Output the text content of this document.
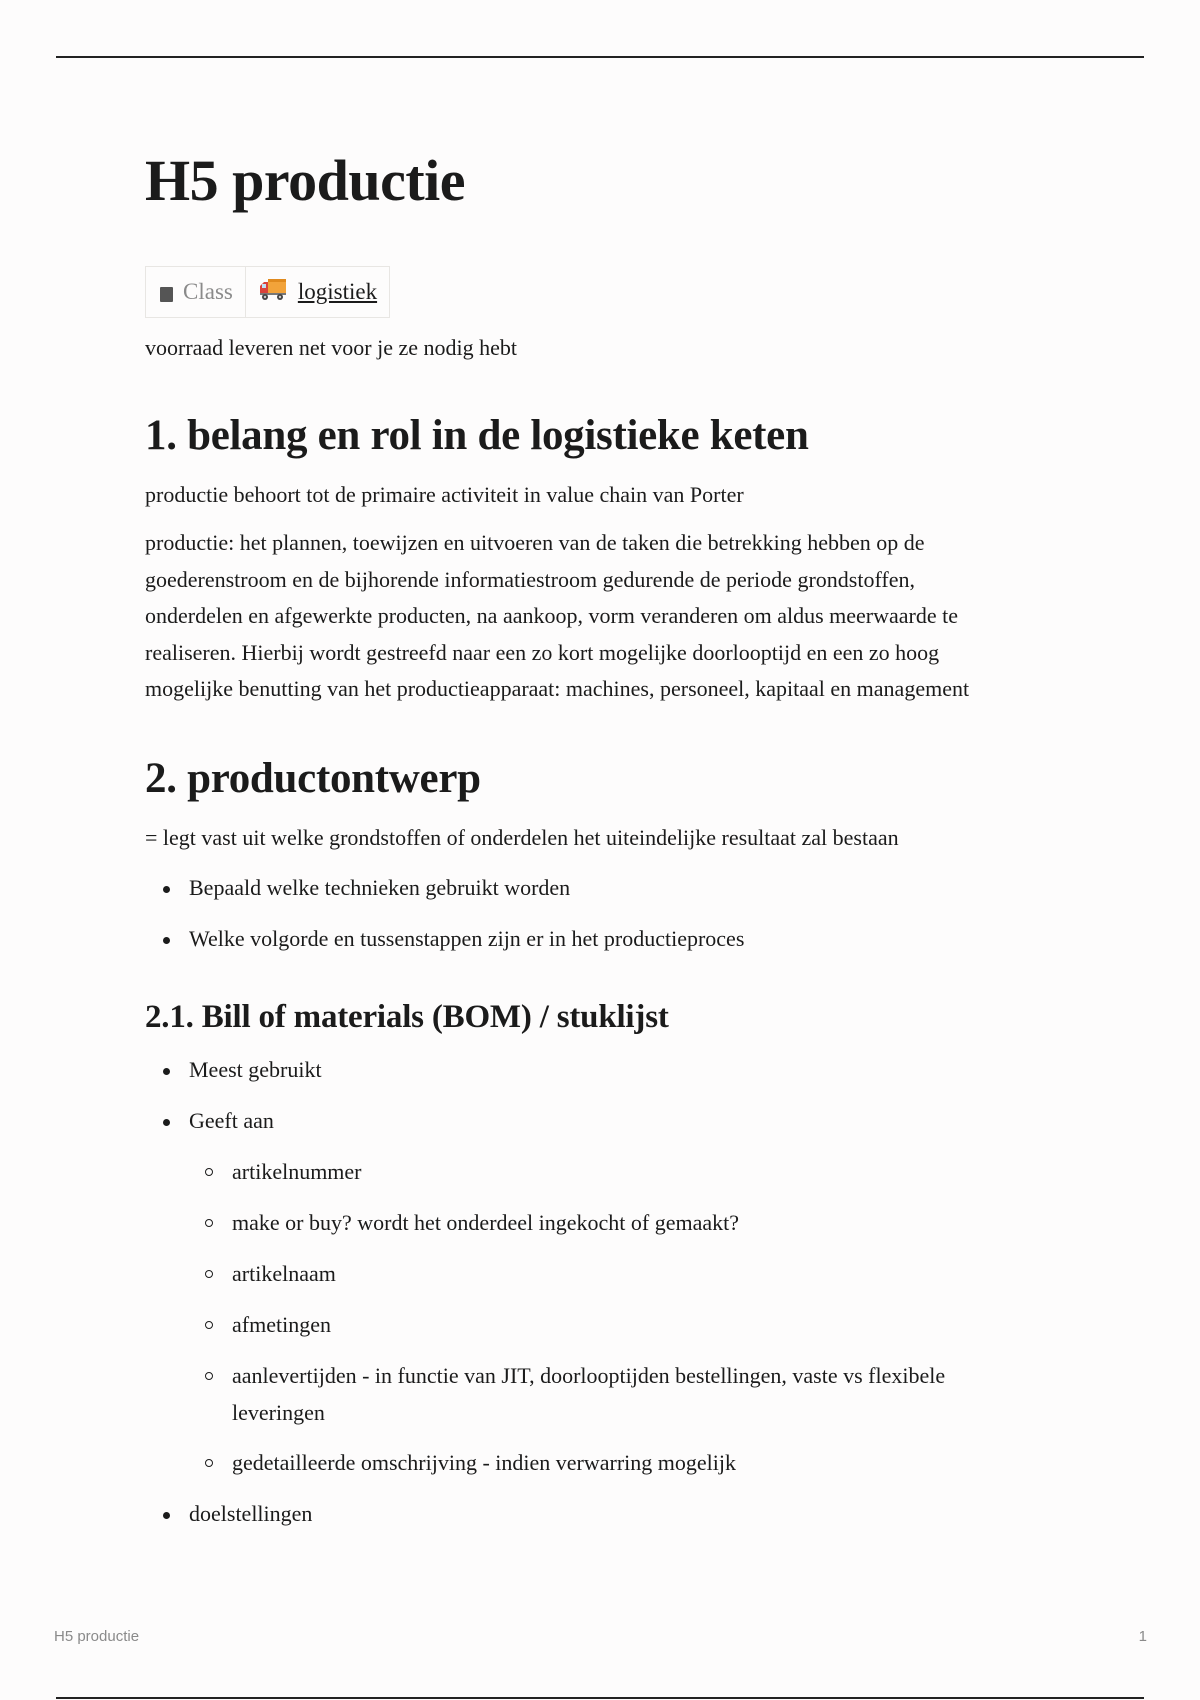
H5 productie
Class	logistiek

voorraad leveren net voor je ze nodig hebt

1. belang en rol in de logistieke keten

productie behoort tot de primaire activiteit in value chain van Porter

productie: het plannen, toewijzen en uitvoeren van de taken die betrekking hebben op de
goederenstroom en de bijhorende informatiestroom gedurende de periode grondstoffen,
onderdelen en afgewerkte producten, na aankoop, vorm veranderen om aldus meerwaarde te
realiseren. Hierbij wordt gestreefd naar een zo kort mogelijke doorlooptijd en een zo hoog
mogelijke benutting van het productieapparaat: machines, personeel, kapitaal en management
2. productontwerp

= legt vast uit welke grondstoffen of onderdelen het uiteindelijke resultaat zal bestaan

Bepaald welke technieken gebruikt worden
Welke volgorde en tussenstappen zijn er in het productieproces
2.1. Bill of materials (BOM) / stuklijst
Meest gebruikt
Geeft aan
artikelnummer
make or buy? wordt het onderdeel ingekocht of gemaakt?
artikelnaam
afmetingen
aanlevertijden - in functie van JIT, doorlooptijden bestellingen, vaste vs flexibele
leveringen
gedetailleerde omschrijving - indien verwarring mogelijk
doelstellingen
H5 productie	1
